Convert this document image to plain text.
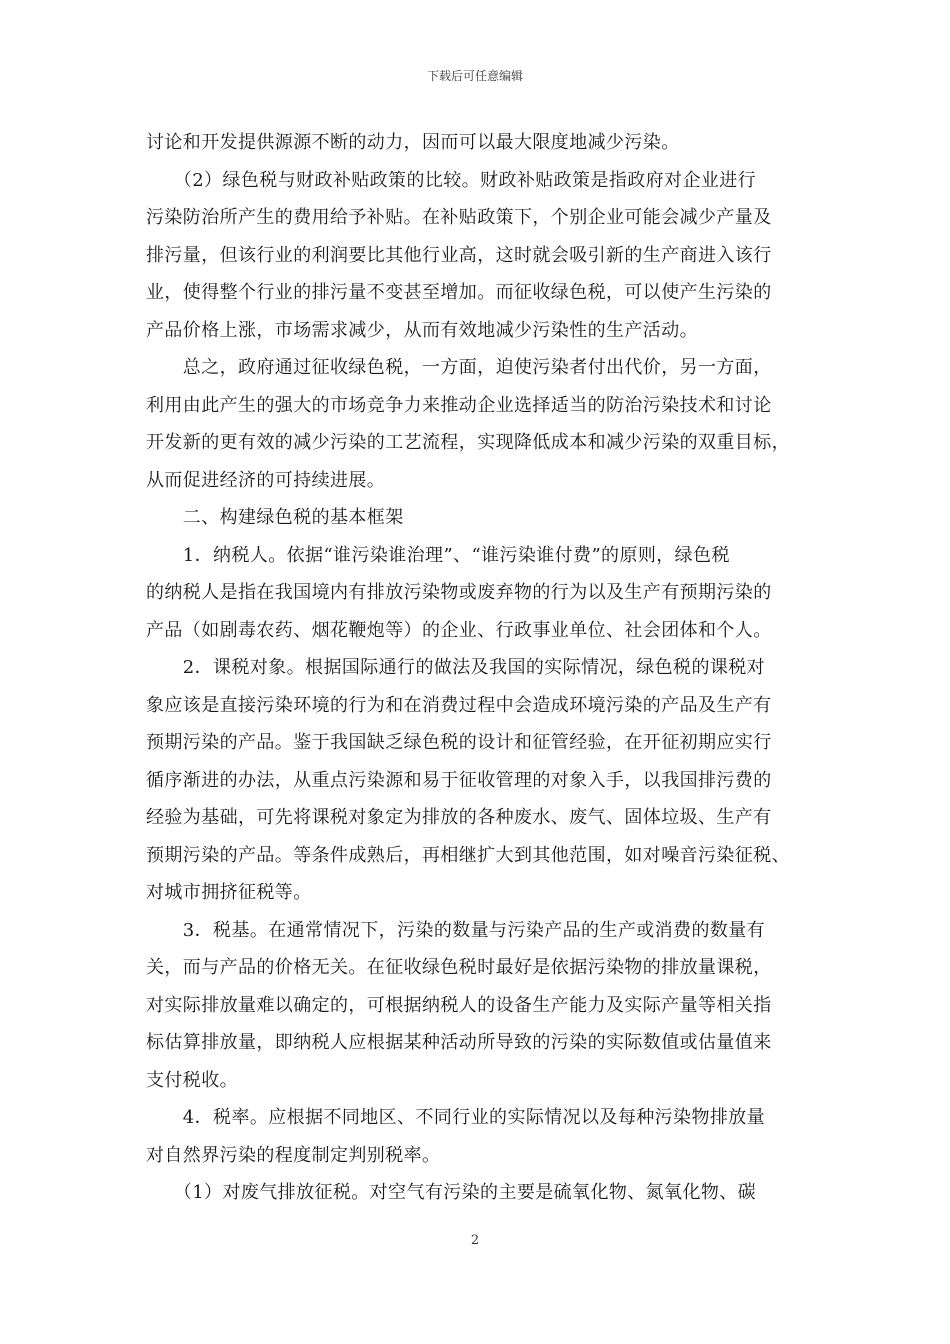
下载后可任意编辑

讨论和开发提供源源不断的动力，因而可以最大限度地减少污染。

　　（2）绿色税与财政补贴政策的比较。财政补贴政策是指政府对企业进行

污染防治所产生的费用给予补贴。在补贴政策下，个别企业可能会减少产量及

排污量，但该行业的利润要比其他行业高，这时就会吸引新的生产商进入该行

业，使得整个行业的排污量不变甚至增加。而征收绿色税，可以使产生污染的

产品价格上涨，市场需求减少，从而有效地减少污染性的生产活动。

　　总之，政府通过征收绿色税，一方面，迫使污染者付出代价，另一方面，

利用由此产生的强大的市场竞争力来推动企业选择适当的防治污染技术和讨论

开发新的更有效的减少污染的工艺流程，实现降低成本和减少污染的双重目标，

从而促进经济的可持续进展。

　　二、构建绿色税的基本框架

　　1．纳税人。依据“谁污染谁治理”、“谁污染谁付费”的原则，绿色税

的纳税人是指在我国境内有排放污染物或废弃物的行为以及生产有预期污染的

产品（如剧毒农药、烟花鞭炮等）的企业、行政事业单位、社会团体和个人。

　　2．课税对象。根据国际通行的做法及我国的实际情况，绿色税的课税对

象应该是直接污染环境的行为和在消费过程中会造成环境污染的产品及生产有

预期污染的产品。鉴于我国缺乏绿色税的设计和征管经验，在开征初期应实行

循序渐进的办法，从重点污染源和易于征收管理的对象入手，以我国排污费的

经验为基础，可先将课税对象定为排放的各种废水、废气、固体垃圾、生产有

预期污染的产品。等条件成熟后，再相继扩大到其他范围，如对噪音污染征税、

对城市拥挤征税等。

　　3．税基。在通常情况下，污染的数量与污染产品的生产或消费的数量有

关，而与产品的价格无关。在征收绿色税时最好是依据污染物的排放量课税，

对实际排放量难以确定的，可根据纳税人的设备生产能力及实际产量等相关指

标估算排放量，即纳税人应根据某种活动所导致的污染的实际数值或估量值来

支付税收。

　　4．税率。应根据不同地区、不同行业的实际情况以及每种污染物排放量

对自然界污染的程度制定判别税率。

　　（1）对废气排放征税。对空气有污染的主要是硫氧化物、氮氧化物、碳

2
